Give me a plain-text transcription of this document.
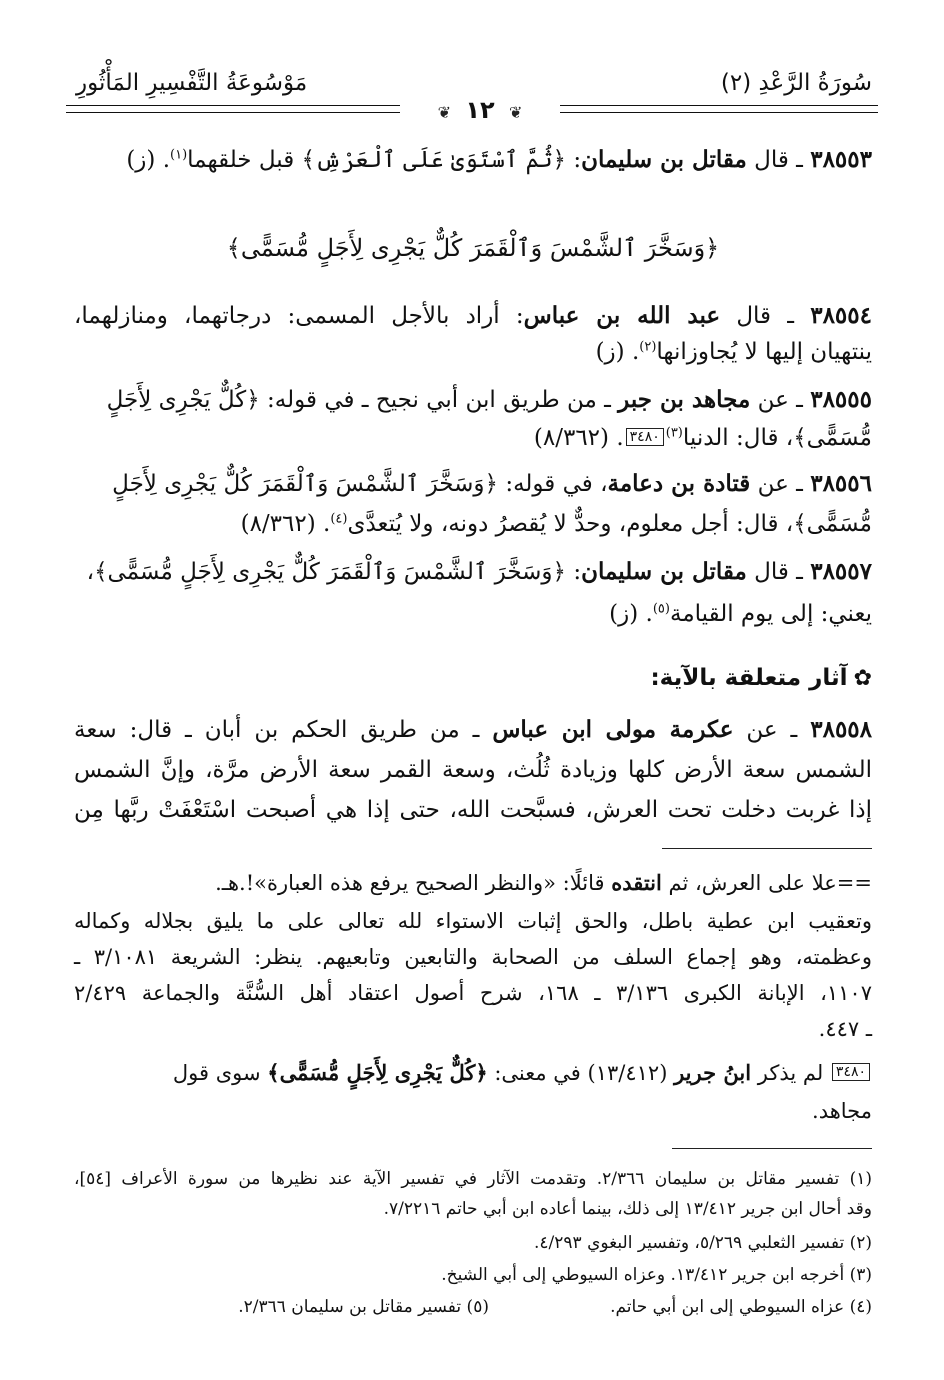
سُورَةُ الرَّعْدِ (٢)
مَوْسُوعَةُ التَّفْسِيرِ المَأْثُورِ
❦ ١٢ ❦
٣٨٥٥٣ ـ قال مقاتل بن سليمان: ﴿ثُمَّ ٱسْتَوَىٰ عَلَى ٱلْعَرْشِ﴾ قبل خلقهما$^{(١)}$. (ز)
﴿وَسَخَّرَ ٱلشَّمْسَ وَٱلْقَمَرَ كُلٌّ يَجْرِى لِأَجَلٍ مُّسَمًّى﴾
٣٨٥٥٤ ـ قال عبد الله بن عباس: أراد بالأجل المسمى: درجاتهما، ومنازلهما،
ينتهيان إليها لا يُجاوزانها$^{(٢)}$. (ز)
٣٨٥٥٥ ـ عن مجاهد بن جبر ـ من طريق ابن أبي نجيح ـ في قوله: ﴿كُلٌّ يَجْرِى لِأَجَلٍ
مُّسَمًّى﴾، قال: الدنيا$^{(٣)}$٣٤٨٠. (٨/٣٦٢)
٣٨٥٥٦ ـ عن قتادة بن دعامة، في قوله: ﴿وَسَخَّرَ ٱلشَّمْسَ وَٱلْقَمَرَ كُلٌّ يَجْرِى لِأَجَلٍ
مُّسَمًّى﴾، قال: أجل معلوم، وحدٌّ لا يُقصرُ دونه، ولا يُتعدَّى$^{(٤)}$. (٨/٣٦٢)
٣٨٥٥٧ ـ قال مقاتل بن سليمان: ﴿وَسَخَّرَ ٱلشَّمْسَ وَٱلْقَمَرَ كُلٌّ يَجْرِى لِأَجَلٍ مُّسَمًّى﴾،
يعني: إلى يوم القيامة$^{(٥)}$. (ز)
✿آثار متعلقة بالآية:
٣٨٥٥٨ ـ عن عكرمة مولى ابن عباس ـ من طريق الحكم بن أبان ـ قال: سعة
الشمس سعة الأرض كلها وزيادة ثُلُث، وسعة القمر سعة الأرض مرَّة، وإنَّ الشمس
إذا غربت دخلت تحت العرش، فسبَّحت الله، حتى إذا هي أصبحت اسْتَعْفَتْ ربَّها مِن
==علا على العرش، ثم انتقده قائلًا: «والنظر الصحيح يرفع هذه العبارة»!.هـ.
وتعقيب ابن عطية باطل، والحق إثبات الاستواء لله تعالى على ما يليق بجلاله وكماله
وعظمته، وهو إجماع السلف من الصحابة والتابعين وتابعيهم. ينظر: الشريعة ٣/١٠٨١ ـ
١١٠٧، الإبانة الكبرى ٣/١٣٦ ـ ١٦٨، شرح أصول اعتقاد أهل السُّنَّة والجماعة ٢/٤٢٩
ـ ٤٤٧.
٣٤٨٠ لم يذكر ابنُ جرير (١٣/٤١٢) في معنى: ﴿كُلٌّ يَجْرِى لِأَجَلٍ مُّسَمًّى﴾ سوى قول
مجاهد.
(١) تفسير مقاتل بن سليمان ٢/٣٦٦. وتقدمت الآثار في تفسير الآية عند نظيرها من سورة الأعراف [٥٤]،
وقد أحال ابن جرير ١٣/٤١٢ إلى ذلك، بينما أعاده ابن أبي حاتم ٧/٢٢١٦.
(٢) تفسير الثعلبي ٥/٢٦٩، وتفسير البغوي ٤/٢٩٣.
(٣) أخرجه ابن جرير ١٣/٤١٢. وعزاه السيوطي إلى أبي الشيخ.
(٤) عزاه السيوطي إلى ابن أبي حاتم.(٥) تفسير مقاتل بن سليمان ٢/٣٦٦.
